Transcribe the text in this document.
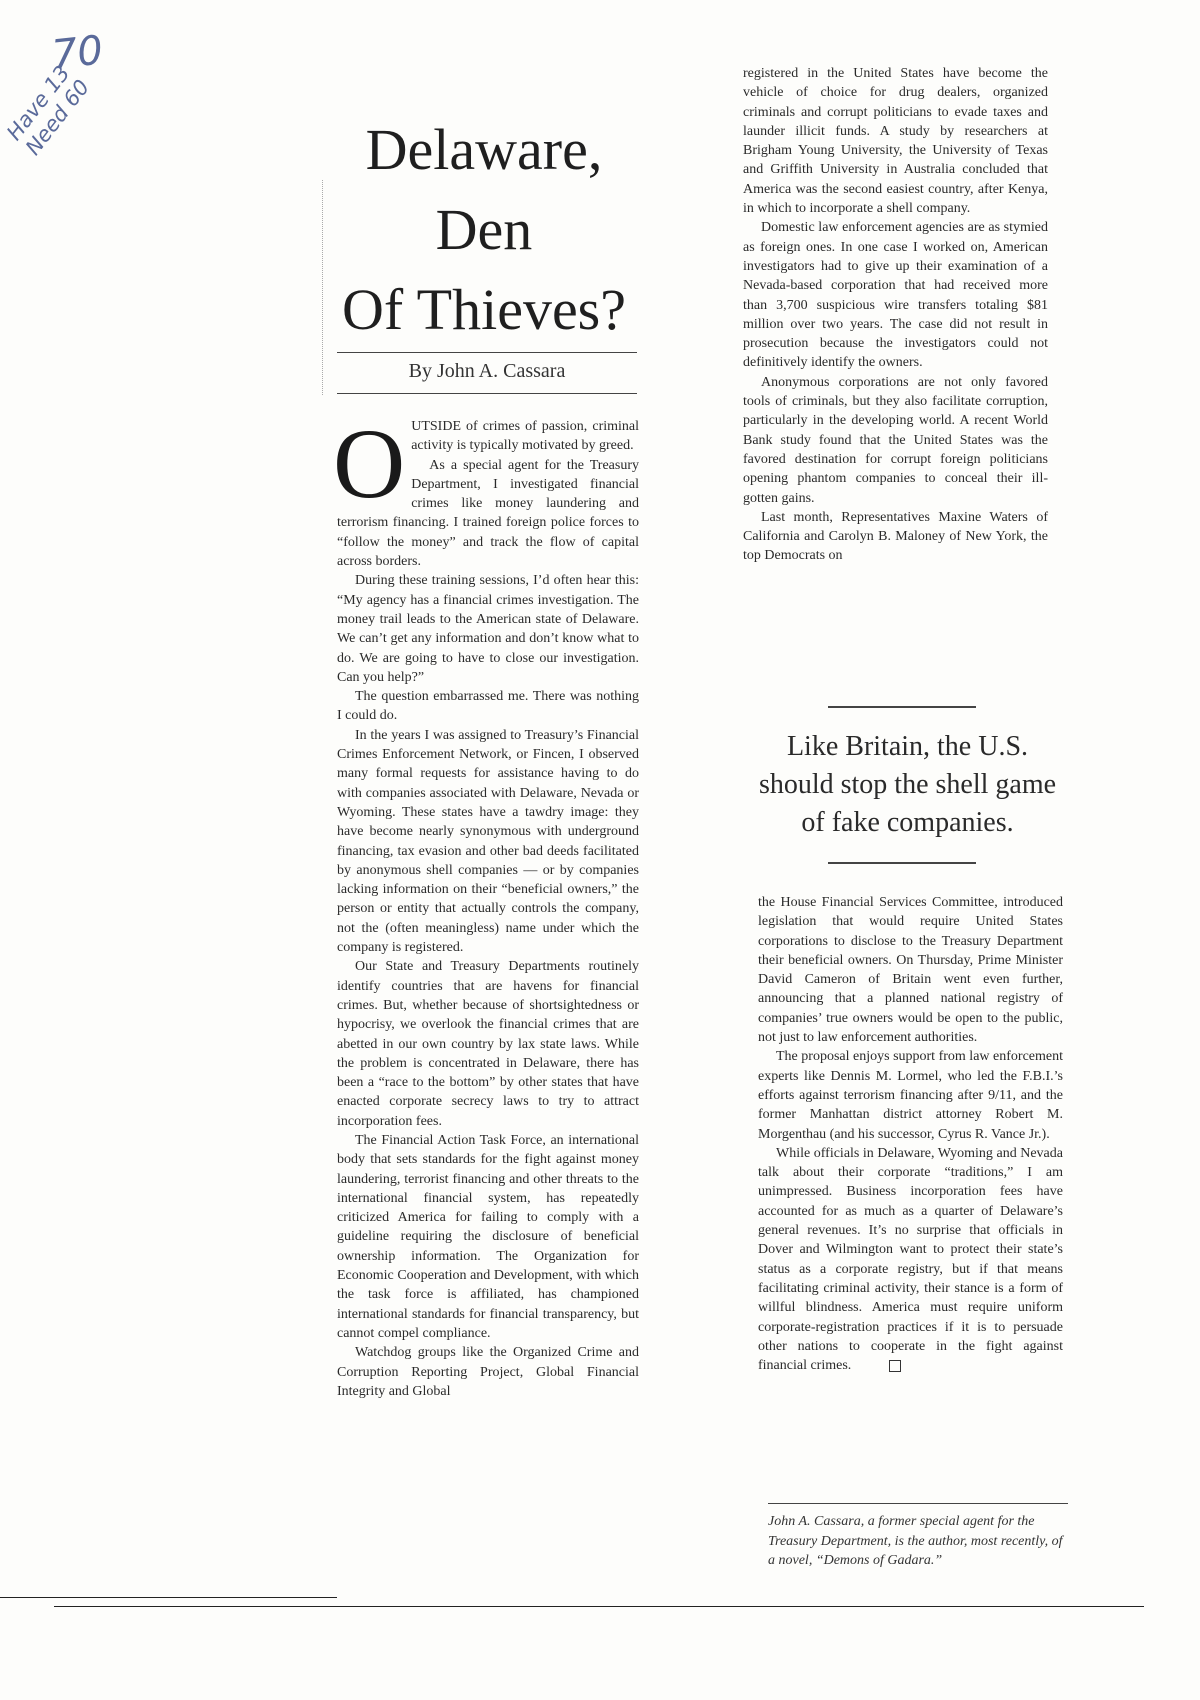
70
Have 13 Need 60	Delaware,
Den
Of Thieves?
By John A. Cassara

OUTSIDE of crimes of passion, criminal activity is typically motivated by greed.

As a special agent for the Treasury Department, I investigated financial crimes like money laundering and terrorism financing. I trained foreign police forces to “follow the money” and track the flow of capital across borders.

During these training sessions, I’d often hear this: “My agency has a financial crimes investigation. The money trail leads to the American state of Delaware. We can’t get any information and don’t know what to do. We are going to have to close our investigation. Can you help?”

The question embarrassed me. There was nothing I could do.

In the years I was assigned to Treasury’s Financial Crimes Enforcement Network, or Fincen, I observed many formal requests for assistance having to do with companies associated with Delaware, Nevada or Wyoming. These states have a tawdry image: they have become nearly synonymous with underground financing, tax evasion and other bad deeds facilitated by anonymous shell companies — or by companies lacking information on their “beneficial owners,” the person or entity that actually controls the company, not the (often meaningless) name under which the company is registered.

Our State and Treasury Departments routinely identify countries that are havens for financial crimes. But, whether because of shortsightedness or hypocrisy, we overlook the financial crimes that are abetted in our own country by lax state laws. While the problem is concentrated in Delaware, there has been a “race to the bottom” by other states that have enacted corporate secrecy laws to try to attract incorporation fees.

The Financial Action Task Force, an international body that sets standards for the fight against money laundering, terrorist financing and other threats to the international financial system, has repeatedly criticized America for failing to comply with a guideline requiring the disclosure of beneficial ownership information. The Organization for Economic Cooperation and Development, with which the task force is affiliated, has championed international standards for financial transparency, but cannot compel compliance.

Watchdog groups like the Organized Crime and Corruption Reporting Project, Global Financial Integrity and Global

registered in the United States have become the vehicle of choice for drug dealers, organized criminals and corrupt politicians to evade taxes and launder illicit funds. A study by researchers at Brigham Young University, the University of Texas and Griffith University in Australia concluded that America was the second easiest country, after Kenya, in which to incorporate a shell company.

Domestic law enforcement agencies are as stymied as foreign ones. In one case I worked on, American investigators had to give up their examination of a Nevada-based corporation that had received more than 3,700 suspicious wire transfers totaling $81 million over two years. The case did not result in prosecution because the investigators could not definitively identify the owners.

Anonymous corporations are not only favored tools of criminals, but they also facilitate corruption, particularly in the developing world. A recent World Bank study found that the United States was the favored destination for corrupt foreign politicians opening phantom companies to conceal their ill-gotten gains.

Last month, Representatives Maxine Waters of California and Carolyn B. Maloney of New York, the top Democrats on

Like Britain, the U.S. should stop the shell game of fake companies.

the House Financial Services Committee, introduced legislation that would require United States corporations to disclose to the Treasury Department their beneficial owners. On Thursday, Prime Minister David Cameron of Britain went even further, announcing that a planned national registry of companies’ true owners would be open to the public, not just to law enforcement authorities.

The proposal enjoys support from law enforcement experts like Dennis M. Lormel, who led the F.B.I.’s efforts against terrorism financing after 9/11, and the former Manhattan district attorney Robert M. Morgenthau (and his successor, Cyrus R. Vance Jr.).

While officials in Delaware, Wyoming and Nevada talk about their corporate “traditions,” I am unimpressed. Business incorporation fees have accounted for as much as a quarter of Delaware’s general revenues. It’s no surprise that officials in Dover and Wilmington want to protect their state’s status as a corporate registry, but if that means facilitating criminal activity, their stance is a form of willful blindness. America must require uniform corporate-registration practices if it is to persuade other nations to cooperate in the fight against financial crimes.

John A. Cassara, a former special agent for the Treasury Department, is the author, most recently, of a novel, “Demons of Gadara.”
